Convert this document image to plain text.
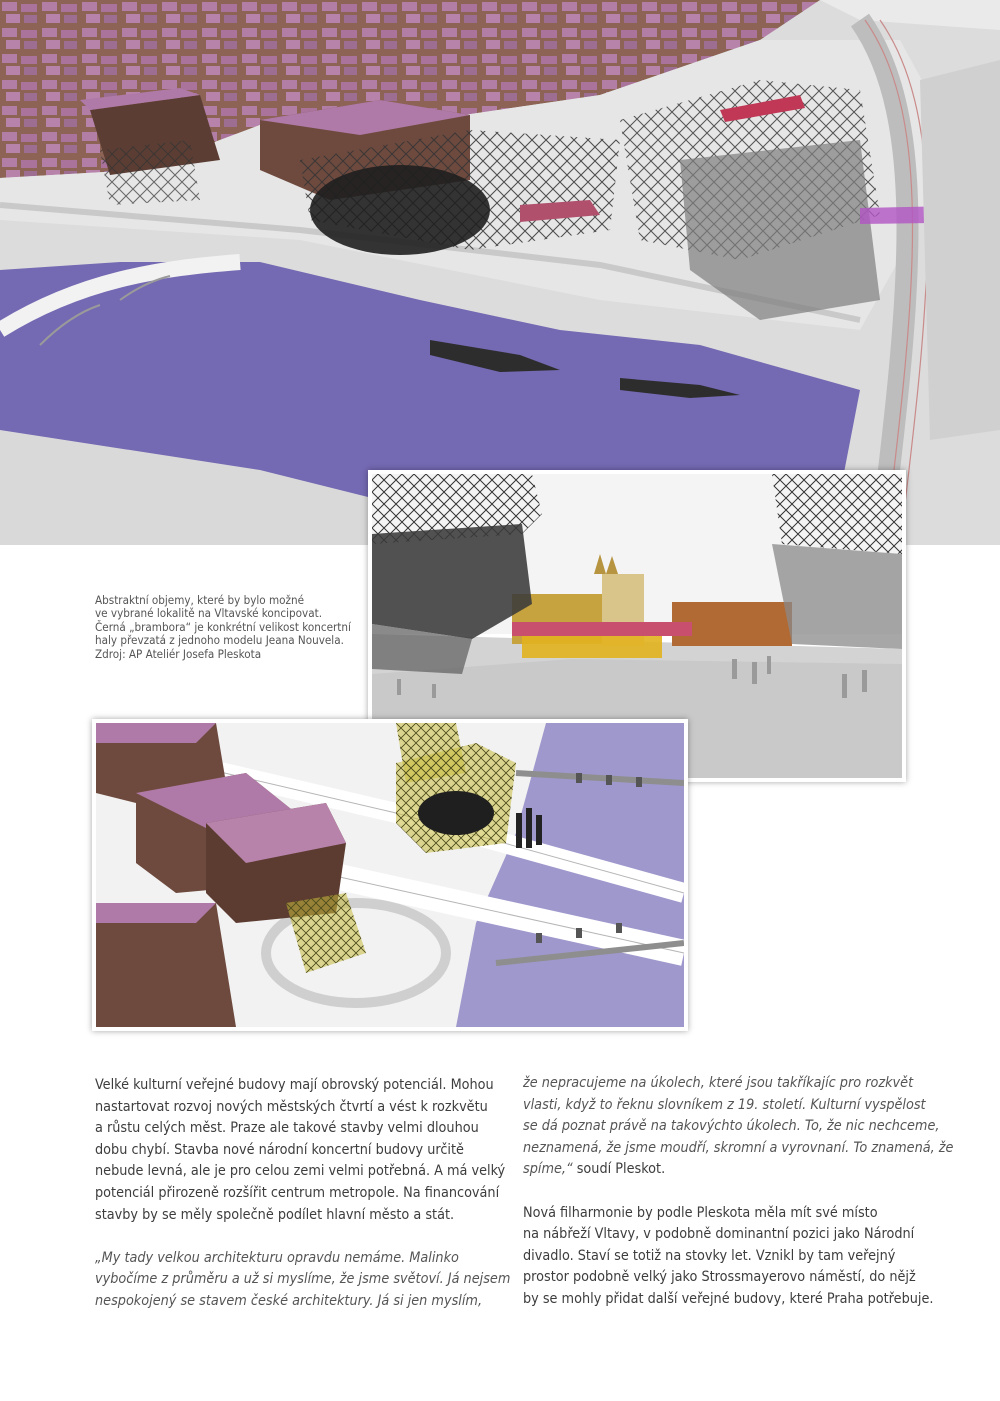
Abstraktní objemy, které by bylo možné
ve vybrané lokalitě na Vltavské koncipovat.
Černá „brambora“ je konkrétní velikost koncertní
haly převzatá z jednoho modelu Jeana Nouvela.
Zdroj: AP Ateliér Josefa Pleskota
Velké kulturní veřejné budovy mají obrovský potenciál. Mohou
nastartovat rozvoj nových městských čtvrtí a vést k rozkvětu
a růstu celých měst. Praze ale takové stavby velmi dlouhou
dobu chybí. Stavba nové národní koncertní budovy určitě
nebude levná, ale je pro celou zemi velmi potřebná. A má velký
potenciál přirozeně rozšířit centrum metropole. Na financování
stavby by se měly společně podílet hlavní město a stát.
„My tady velkou architekturu opravdu nemáme. Malinko
vybočíme z průměru a už si myslíme, že jsme světoví. Já nejsem
nespokojený se stavem české architektury. Já si jen myslím,
že nepracujeme na úkolech, které jsou takříkajíc pro rozkvět
vlasti, když to řeknu slovníkem z 19. století. Kulturní vyspělost
se dá poznat právě na takovýchto úkolech. To, že nic nechceme,
neznamená, že jsme moudří, skromní a vyrovnaní. To znamená, že
spíme,“ soudí Pleskot.
Nová filharmonie by podle Pleskota měla mít své místo
na nábřeží Vltavy, v podobně dominantní pozici jako Národní
divadlo. Staví se totiž na stovky let. Vznikl by tam veřejný
prostor podobně velký jako Strossmayerovo náměstí, do nějž
by se mohly přidat další veřejné budovy, které Praha potřebuje.
